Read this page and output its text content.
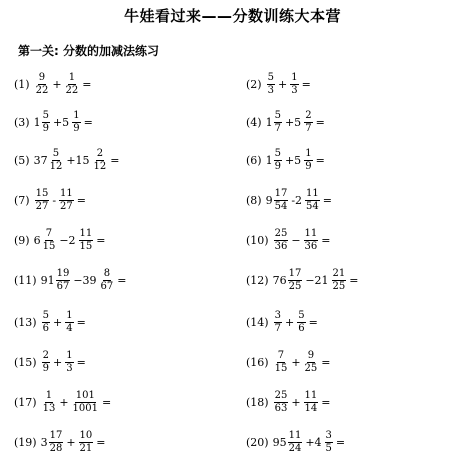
牛娃看过来——分数训练大本营
第一关: 分数的加减法练习
$(1) \frac{9}{22} + \frac{1}{22}$ =	$(2) \frac{5}{3} + \frac{1}{3}$ =
(3) $1 \frac{5}{9} +5 \frac{1}{9}$ =	(4) $1 \frac{5}{7} +5 \frac{2}{7}$ =
(5) $37 \frac{5}{12} +15 \frac{2}{12}$ =	(6) $1 \frac{5}{9} +5 \frac{1}{9}$ =
$(7) \frac{15}{27} - \frac{11}{27}$ =	(8) $9 \frac{17}{54} -2 \frac{11}{54}$ =
(9) $6 \frac{7}{15} -2 \frac{11}{15}$ =	$(10) \frac{25}{36} - \frac{11}{36}$ =
(11) $91 \frac{19}{67} -39 \frac{8}{67}$ =	(12) $76 \frac{17}{25} -21 \frac{21}{25}$ =
$(13) \frac{5}{6} + \frac{1}{4}$ =	$(14) \frac{3}{7} + \frac{5}{6}$ =
$(15) \frac{2}{9} + \frac{1}{3}$ =	$(16) \frac{7}{15} + \frac{9}{25}$ =
$(17) \frac{1}{13} + \frac{101}{1001}$ =	$(18) \frac{25}{63} + \frac{11}{14}$ =
(19) $3 \frac{17}{28} + \frac{10}{21}$ =	(20) $95 \frac{11}{24} +4 \frac{3}{5}$ =
